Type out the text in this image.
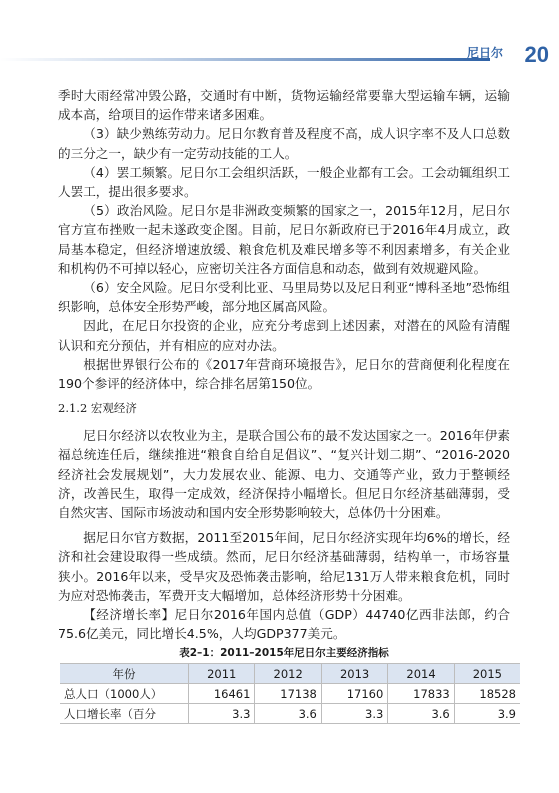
尼日尔 20

季时大雨经常冲毁公路，交通时有中断，货物运输经常要靠大型运输车辆，运输成本高，给项目的运作带来诸多困难。

（3）缺少熟练劳动力。尼日尔教育普及程度不高，成人识字率不及人口总数的三分之一，缺少有一定劳动技能的工人。

（4）罢工频繁。尼日尔工会组织活跃，一般企业都有工会。工会动辄组织工人罢工，提出很多要求。

（5）政治风险。尼日尔是非洲政变频繁的国家之一，2015年12月，尼日尔官方宣布挫败一起未遂政变企图。目前，尼日尔新政府已于2016年4月成立，政局基本稳定，但经济增速放缓、粮食危机及难民增多等不利因素增多，有关企业和机构仍不可掉以轻心，应密切关注各方面信息和动态，做到有效规避风险。

（6）安全风险。尼日尔受利比亚、马里局势以及尼日利亚“博科圣地”恐怖组织影响，总体安全形势严峻，部分地区属高风险。

因此，在尼日尔投资的企业，应充分考虑到上述因素，对潜在的风险有清醒认识和充分预估，并有相应的应对办法。

根据世界银行公布的《2017年营商环境报告》，尼日尔的营商便利化程度在190个参评的经济体中，综合排名居第150位。

2.1.2 宏观经济

尼日尔经济以农牧业为主，是联合国公布的最不发达国家之一。2016年伊素福总统连任后，继续推进“粮食自给自足倡议”、“复兴计划二期”、“2016-2020经济社会发展规划”，大力发展农业、能源、电力、交通等产业，致力于整顿经济，改善民生，取得一定成效，经济保持小幅增长。但尼日尔经济基础薄弱，受自然灾害、国际市场波动和国内安全形势影响较大，总体仍十分困难。

据尼日尔官方数据，2011至2015年间，尼日尔经济实现年均6%的增长，经济和社会建设取得一些成绩。然而，尼日尔经济基础薄弱，结构单一，市场容量狭小。2016年以来，受旱灾及恐怖袭击影响，给尼131万人带来粮食危机，同时为应对恐怖袭击，军费开支大幅增加，总体经济形势十分困难。

【经济增长率】尼日尔2016年国内总值（GDP）44740亿西非法郎，约合75.6亿美元，同比增长4.5%，人均GDP377美元。

表2–1：2011–2015年尼日尔主要经济指标
年份	2011	2012	2013	2014	2015
总人口（1000人）	16461	17138	17160	17833	18528
人口增长率（百分	3.3	3.6	3.3	3.6	3.9
